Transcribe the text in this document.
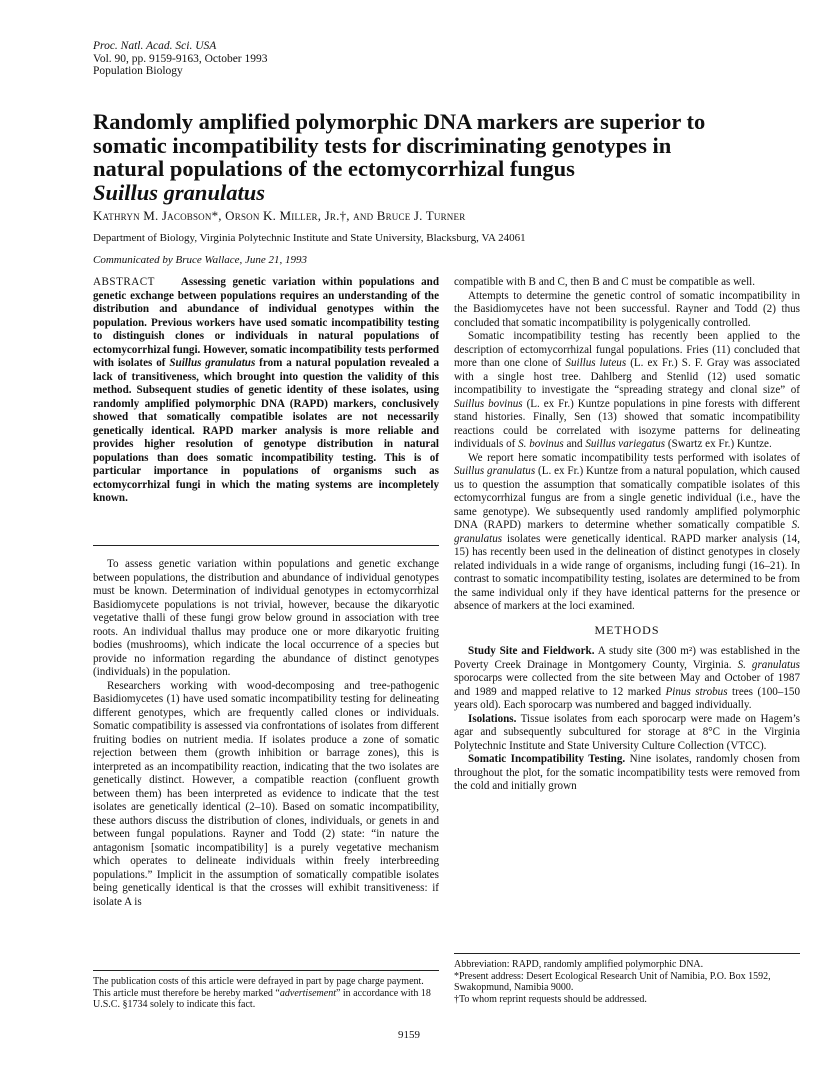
Proc. Natl. Acad. Sci. USA
Vol. 90, pp. 9159-9163, October 1993
Population Biology
Randomly amplified polymorphic DNA markers are superior to somatic incompatibility tests for discriminating genotypes in natural populations of the ectomycorrhizal fungus
Suillus granulatus
Kathryn M. Jacobson*, Orson K. Miller, Jr.†, and Bruce J. Turner
Department of Biology, Virginia Polytechnic Institute and State University, Blacksburg, VA 24061
Communicated by Bruce Wallace, June 21, 1993
ABSTRACT Assessing genetic variation within populations and genetic exchange between populations requires an understanding of the distribution and abundance of individual genotypes within the population. Previous workers have used somatic incompatibility testing to distinguish clones or individuals in natural populations of ectomycorrhizal fungi. However, somatic incompatibility tests performed with isolates of Suillus granulatus from a natural population revealed a lack of transitiveness, which brought into question the validity of this method. Subsequent studies of genetic identity of these isolates, using randomly amplified polymorphic DNA (RAPD) markers, conclusively showed that somatically compatible isolates are not necessarily genetically identical. RAPD marker analysis is more reliable and provides higher resolution of genotype distribution in natural populations than does somatic incompatibility testing. This is of particular importance in populations of organisms such as ectomycorrhizal fungi in which the mating systems are incompletely known.

To assess genetic variation within populations and genetic exchange between populations, the distribution and abundance of individual genotypes must be known. Determination of individual genotypes in ectomycorrhizal Basidiomycete populations is not trivial, however, because the dikaryotic vegetative thalli of these fungi grow below ground in association with tree roots. An individual thallus may produce one or more dikaryotic fruiting bodies (mushrooms), which indicate the local occurrence of a species but provide no information regarding the abundance of distinct genotypes (individuals) in the population.

Researchers working with wood-decomposing and tree-pathogenic Basidiomycetes (1) have used somatic incompatibility testing for delineating different genotypes, which are frequently called clones or individuals. Somatic compatibility is assessed via confrontations of isolates from different fruiting bodies on nutrient media. If isolates produce a zone of somatic rejection between them (growth inhibition or barrage zones), this is interpreted as an incompatibility reaction, indicating that the two isolates are genetically distinct. However, a compatible reaction (confluent growth between them) has been interpreted as evidence to indicate that the test isolates are genetically identical (2–10). Based on somatic incompatibility, these authors discuss the distribution of clones, individuals, or genets in and between fungal populations. Rayner and Todd (2) state: “in nature the antagonism [somatic incompatibility] is a purely vegetative mechanism which operates to delineate individuals within freely interbreeding populations.” Implicit in the assumption of somatically compatible isolates being genetically identical is that the crosses will exhibit transitiveness: if isolate A is

compatible with B and C, then B and C must be compatible as well.

Attempts to determine the genetic control of somatic incompatibility in the Basidiomycetes have not been successful. Rayner and Todd (2) thus concluded that somatic incompatibility is polygenically controlled.

Somatic incompatibility testing has recently been applied to the description of ectomycorrhizal fungal populations. Fries (11) concluded that more than one clone of Suillus luteus (L. ex Fr.) S. F. Gray was associated with a single host tree. Dahlberg and Stenlid (12) used somatic incompatibility to investigate the “spreading strategy and clonal size” of Suillus bovinus (L. ex Fr.) Kuntze populations in pine forests with different stand histories. Finally, Sen (13) showed that somatic incompatibility reactions could be correlated with isozyme patterns for delineating individuals of S. bovinus and Suillus variegatus (Swartz ex Fr.) Kuntze.

We report here somatic incompatibility tests performed with isolates of Suillus granulatus (L. ex Fr.) Kuntze from a natural population, which caused us to question the assumption that somatically compatible isolates of this ectomycorrhizal fungus are from a single genetic individual (i.e., have the same genotype). We subsequently used randomly amplified polymorphic DNA (RAPD) markers to determine whether somatically compatible S. granulatus isolates were genetically identical. RAPD marker analysis (14, 15) has recently been used in the delineation of distinct genotypes in closely related individuals in a wide range of organisms, including fungi (16–21). In contrast to somatic incompatibility testing, isolates are determined to be from the same individual only if they have identical patterns for the presence or absence of markers at the loci examined.

METHODS

Study Site and Fieldwork. A study site (300 m²) was established in the Poverty Creek Drainage in Montgomery County, Virginia. S. granulatus sporocarps were collected from the site between May and October of 1987 and 1989 and mapped relative to 12 marked Pinus strobus trees (100–150 years old). Each sporocarp was numbered and bagged individually.

Isolations. Tissue isolates from each sporocarp were made on Hagem’s agar and subsequently subcultured for storage at 8°C in the Virginia Polytechnic Institute and State University Culture Collection (VTCC).

Somatic Incompatibility Testing. Nine isolates, randomly chosen from throughout the plot, for the somatic incompatibility tests were removed from the cold and initially grown

The publication costs of this article were defrayed in part by page charge payment. This article must therefore be hereby marked “advertisement” in accordance with 18 U.S.C. §1734 solely to indicate this fact.
Abbreviation: RAPD, randomly amplified polymorphic DNA.
*Present address: Desert Ecological Research Unit of Namibia, P.O. Box 1592, Swakopmund, Namibia 9000.
†To whom reprint requests should be addressed.
9159
